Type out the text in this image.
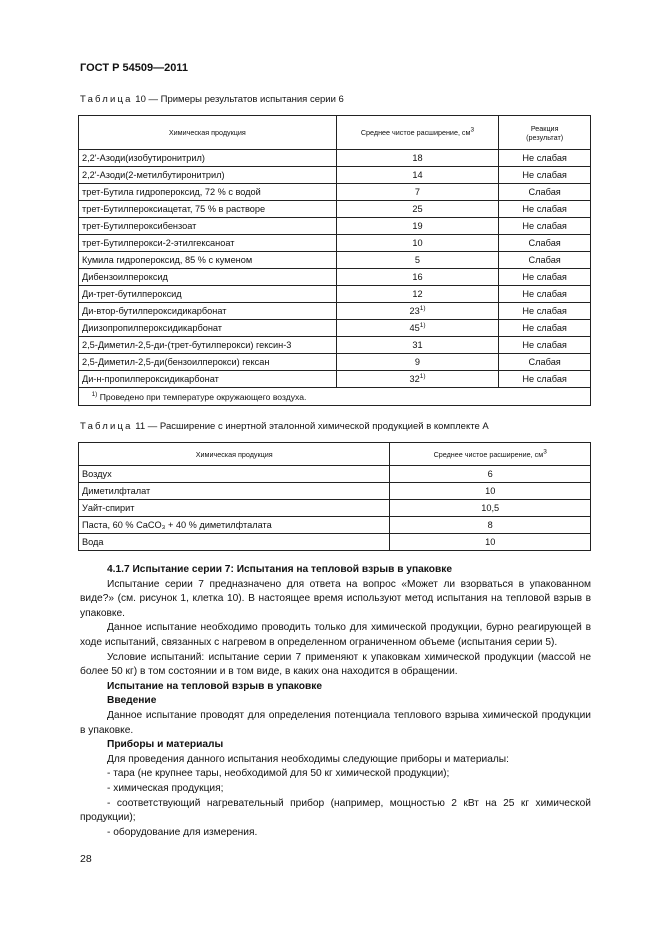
ГОСТ Р 54509—2011
Таблица 10 — Примеры результатов испытания серии 6
Химическая продукция	Среднее чистое расширение, $см^3$	Реакция
(результат)
2,2'-Азоди(изобутиронитрил)	18	Не слабая
2,2'-Азоди(2-метилбутиронитрил)	14	Не слабая
трет-Бутила гидропероксид, 72 % с водой	7	Слабая
трет-Бутилпероксиацетат, 75 % в растворе	25	Не слабая
трет-Бутилпероксибензоат	19	Не слабая
трет-Бутилперокси-2-этилгексаноат	10	Слабая
Кумила гидропероксид, 85 % с куменом	5	Слабая
Дибензоилпероксид	16	Не слабая
Ди-трет-бутилпероксид	12	Не слабая
Ди-втор-бутилпероксидикарбонат	23$^{1)}$	Не слабая
Диизопропилпероксидикарбонат	45$^{1)}$	Не слабая
2,5-Диметил-2,5-ди-(трет-бутилперокси) гексин-3	31	Не слабая
2,5-Диметил-2,5-ди(бензоилперокси) гексан	9	Слабая
Ди-н-пропилпероксидикарбонат	32$^{1)}$	Не слабая
$^{1)}$ Проведено при температуре окружающего воздуха.		
Таблица 11 — Расширение с инертной эталонной химической продукцией в комплекте А
Химическая продукция	Среднее чистое расширение, $см^3$
Воздух	6
Диметилфталат	10
Уайт-спирит	10,5
Паста, 60 % CaCO₃ + 40 % диметилфталата	8
Вода	10

4.1.7 Испытание серии 7: Испытания на тепловой взрыв в упаковке

Испытание серии 7 предназначено для ответа на вопрос «Может ли взорваться в упакованном виде?» (см. рисунок 1, клетка 10). В настоящее время используют метод испытания на тепловой взрыв в упаковке.

Данное испытание необходимо проводить только для химической продукции, бурно реагирующей в ходе испытаний, связанных с нагревом в определенном ограниченном объеме (испытания серии 5).

Условие испытаний: испытание серии 7 применяют к упаковкам химической продукции (массой не более 50 кг) в том состоянии и в том виде, в каких она находится в обращении.

Испытание на тепловой взрыв в упаковке

Введение

Данное испытание проводят для определения потенциала теплового взрыва химической продукции в упаковке.

Приборы и материалы

Для проведения данного испытания необходимы следующие приборы и материалы:

- тара (не крупнее тары, необходимой для 50 кг химической продукции);

- химическая продукция;

- соответствующий нагревательный прибор (например, мощностью 2 кВт на 25 кг химической продукции);

- оборудование для измерения.

28
